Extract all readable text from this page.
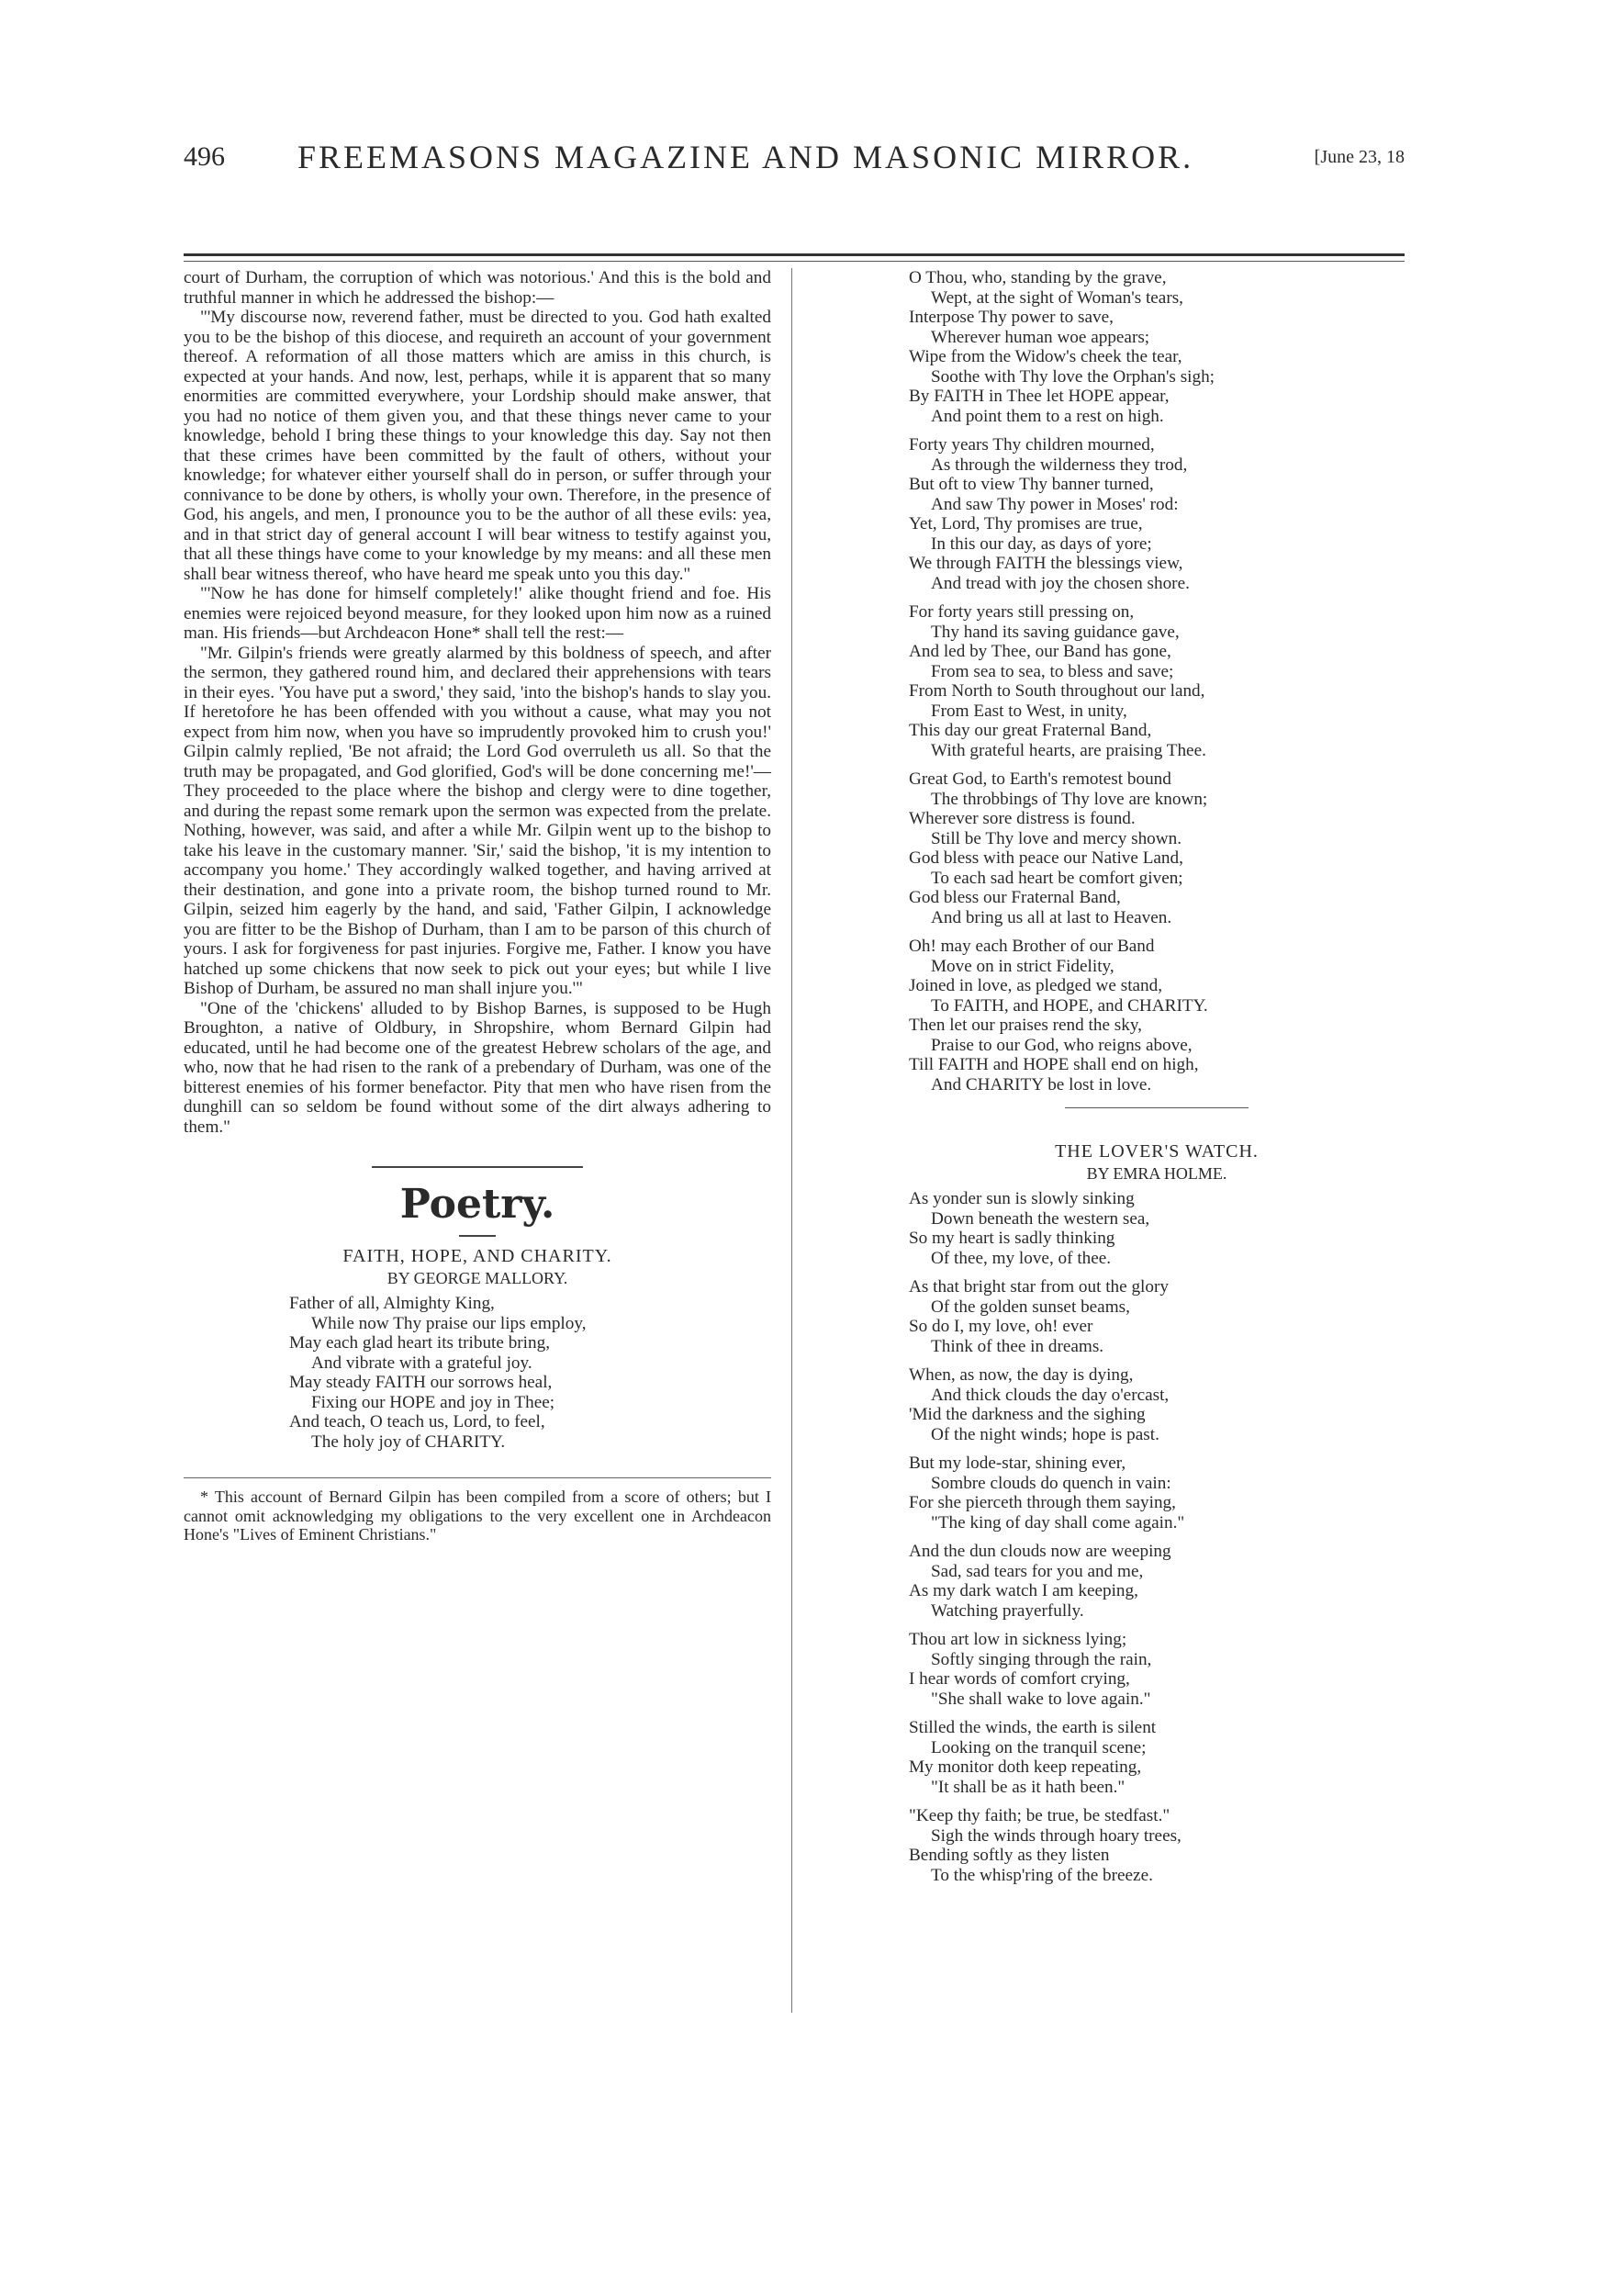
496 FREEMASONS MAGAZINE AND MASONIC MIRROR.	[June 23, 18

court of Durham, the corruption of which was notorious.' And this is the bold and truthful manner in which he addressed the bishop:—

"'My discourse now, reverend father, must be directed to you. God hath exalted you to be the bishop of this diocese, and requireth an account of your government thereof. A reformation of all those matters which are amiss in this church, is expected at your hands. And now, lest, perhaps, while it is apparent that so many enormities are committed everywhere, your Lordship should make answer, that you had no notice of them given you, and that these things never came to your knowledge, behold I bring these things to your knowledge this day. Say not then that these crimes have been committed by the fault of others, without your knowledge; for whatever either yourself shall do in person, or suffer through your connivance to be done by others, is wholly your own. Therefore, in the presence of God, his angels, and men, I pronounce you to be the author of all these evils: yea, and in that strict day of general account I will bear witness to testify against you, that all these things have come to your knowledge by my means: and all these men shall bear witness thereof, who have heard me speak unto you this day."

"'Now he has done for himself completely!' alike thought friend and foe. His enemies were rejoiced beyond measure, for they looked upon him now as a ruined man. His friends—but Archdeacon Hone* shall tell the rest:—

"Mr. Gilpin's friends were greatly alarmed by this boldness of speech, and after the sermon, they gathered round him, and declared their apprehensions with tears in their eyes. 'You have put a sword,' they said, 'into the bishop's hands to slay you. If heretofore he has been offended with you without a cause, what may you not expect from him now, when you have so imprudently provoked him to crush you!' Gilpin calmly replied, 'Be not afraid; the Lord God overruleth us all. So that the truth may be propagated, and God glorified, God's will be done concerning me!'—They proceeded to the place where the bishop and clergy were to dine together, and during the repast some remark upon the sermon was expected from the prelate. Nothing, however, was said, and after a while Mr. Gilpin went up to the bishop to take his leave in the customary manner. 'Sir,' said the bishop, 'it is my intention to accompany you home.' They accordingly walked together, and having arrived at their destination, and gone into a private room, the bishop turned round to Mr. Gilpin, seized him eagerly by the hand, and said, 'Father Gilpin, I acknowledge you are fitter to be the Bishop of Durham, than I am to be parson of this church of yours. I ask for forgiveness for past injuries. Forgive me, Father. I know you have hatched up some chickens that now seek to pick out your eyes; but while I live Bishop of Durham, be assured no man shall injure you.'"

"One of the 'chickens' alluded to by Bishop Barnes, is supposed to be Hugh Broughton, a native of Oldbury, in Shropshire, whom Bernard Gilpin had educated, until he had become one of the greatest Hebrew scholars of the age, and who, now that he had risen to the rank of a prebendary of Durham, was one of the bitterest enemies of his former benefactor. Pity that men who have risen from the dunghill can so seldom be found without some of the dirt always adhering to them."

Poetry.
FAITH, HOPE, AND CHARITY.
BY GEORGE MALLORY.
Father of all, Almighty King,
While now Thy praise our lips employ,
May each glad heart its tribute bring,
And vibrate with a grateful joy.
May steady FAITH our sorrows heal,
Fixing our HOPE and joy in Thee;
And teach, O teach us, Lord, to feel,
The holy joy of CHARITY.

* This account of Bernard Gilpin has been compiled from a score of others; but I cannot omit acknowledging my obligations to the very excellent one in Archdeacon Hone's "Lives of Eminent Christians."

O Thou, who, standing by the grave,
Wept, at the sight of Woman's tears,
Interpose Thy power to save,
Wherever human woe appears;
Wipe from the Widow's cheek the tear,
Soothe with Thy love the Orphan's sigh;
By FAITH in Thee let HOPE appear,
And point them to a rest on high.
Forty years Thy children mourned,
As through the wilderness they trod,
But oft to view Thy banner turned,
And saw Thy power in Moses' rod:
Yet, Lord, Thy promises are true,
In this our day, as days of yore;
We through FAITH the blessings view,
And tread with joy the chosen shore.
For forty years still pressing on,
Thy hand its saving guidance gave,
And led by Thee, our Band has gone,
From sea to sea, to bless and save;
From North to South throughout our land,
From East to West, in unity,
This day our great Fraternal Band,
With grateful hearts, are praising Thee.
Great God, to Earth's remotest bound
The throbbings of Thy love are known;
Wherever sore distress is found.
Still be Thy love and mercy shown.
God bless with peace our Native Land,
To each sad heart be comfort given;
God bless our Fraternal Band,
And bring us all at last to Heaven.
Oh! may each Brother of our Band
Move on in strict Fidelity,
Joined in love, as pledged we stand,
To FAITH, and HOPE, and CHARITY.
Then let our praises rend the sky,
Praise to our God, who reigns above,
Till FAITH and HOPE shall end on high,
And CHARITY be lost in love.
THE LOVER'S WATCH.
BY EMRA HOLME.
As yonder sun is slowly sinking
Down beneath the western sea,
So my heart is sadly thinking
Of thee, my love, of thee.
As that bright star from out the glory
Of the golden sunset beams,
So do I, my love, oh! ever
Think of thee in dreams.
When, as now, the day is dying,
And thick clouds the day o'ercast,
'Mid the darkness and the sighing
Of the night winds; hope is past.
But my lode-star, shining ever,
Sombre clouds do quench in vain:
For she pierceth through them saying,
"The king of day shall come again."
And the dun clouds now are weeping
Sad, sad tears for you and me,
As my dark watch I am keeping,
Watching prayerfully.
Thou art low in sickness lying;
Softly singing through the rain,
I hear words of comfort crying,
"She shall wake to love again."
Stilled the winds, the earth is silent
Looking on the tranquil scene;
My monitor doth keep repeating,
"It shall be as it hath been."
"Keep thy faith; be true, be stedfast."
Sigh the winds through hoary trees,
Bending softly as they listen
To the whisp'ring of the breeze.
